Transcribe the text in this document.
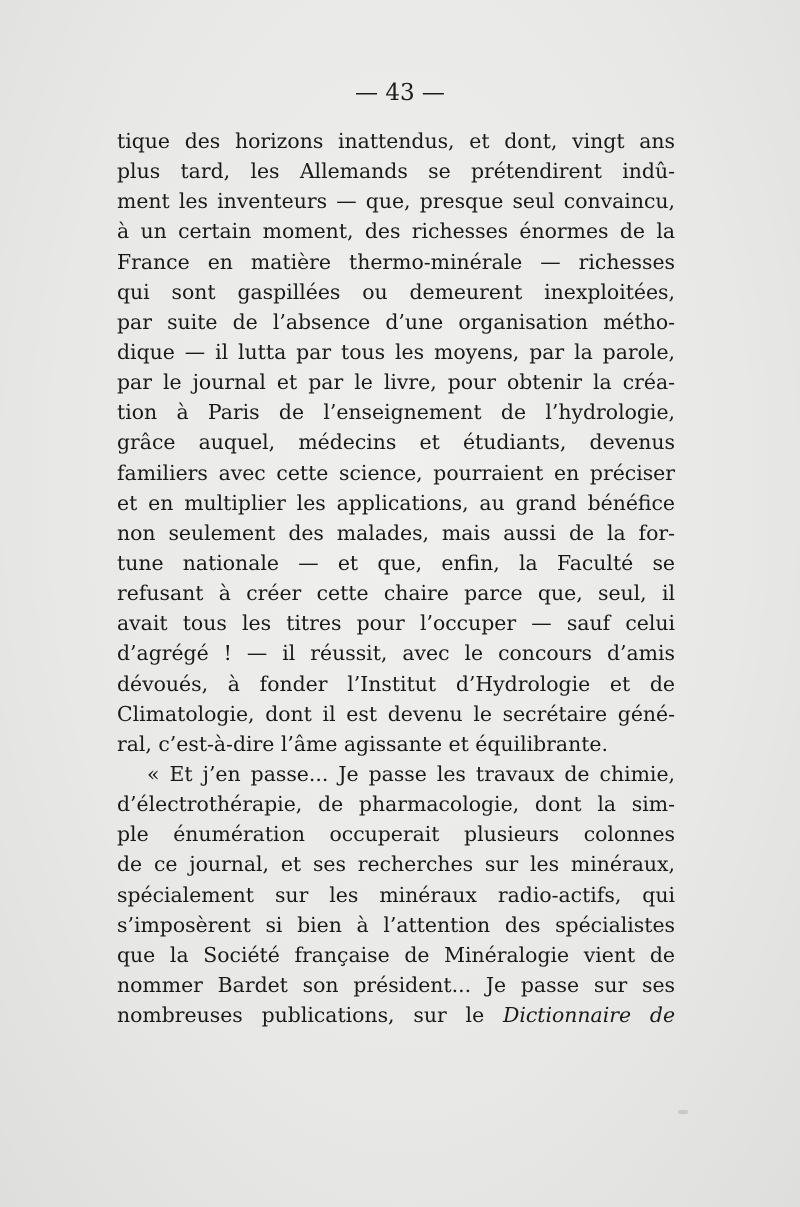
— 43 —
tique des horizons inattendus, et dont, vingt ans
plus tard, les Allemands se prétendirent indû-
ment les inventeurs — que, presque seul convaincu,
à un certain moment, des richesses énormes de la
France en matière thermo-minérale — richesses
qui sont gaspillées ou demeurent inexploitées,
par suite de l’absence d’une organisation métho-
dique — il lutta par tous les moyens, par la parole,
par le journal et par le livre, pour obtenir la créa-
tion à Paris de l’enseignement de l’hydrologie,
grâce auquel, médecins et étudiants, devenus
familiers avec cette science, pourraient en préciser
et en multiplier les applications, au grand bénéfice
non seulement des malades, mais aussi de la for-
tune nationale — et que, enfin, la Faculté se
refusant à créer cette chaire parce que, seul, il
avait tous les titres pour l’occuper — sauf celui
d’agrégé ! — il réussit, avec le concours d’amis
dévoués, à fonder l’Institut d’Hydrologie et de
Climatologie, dont il est devenu le secrétaire géné-
ral, c’est-à-dire l’âme agissante et équilibrante.
« Et j’en passe... Je passe les travaux de chimie,
d’électrothérapie, de pharmacologie, dont la sim-
ple énumération occuperait plusieurs colonnes
de ce journal, et ses recherches sur les minéraux,
spécialement sur les minéraux radio-actifs, qui
s’imposèrent si bien à l’attention des spécialistes
que la Société française de Minéralogie vient de
nommer Bardet son président... Je passe sur ses
nombreuses publications, sur le Dictionnaire de
